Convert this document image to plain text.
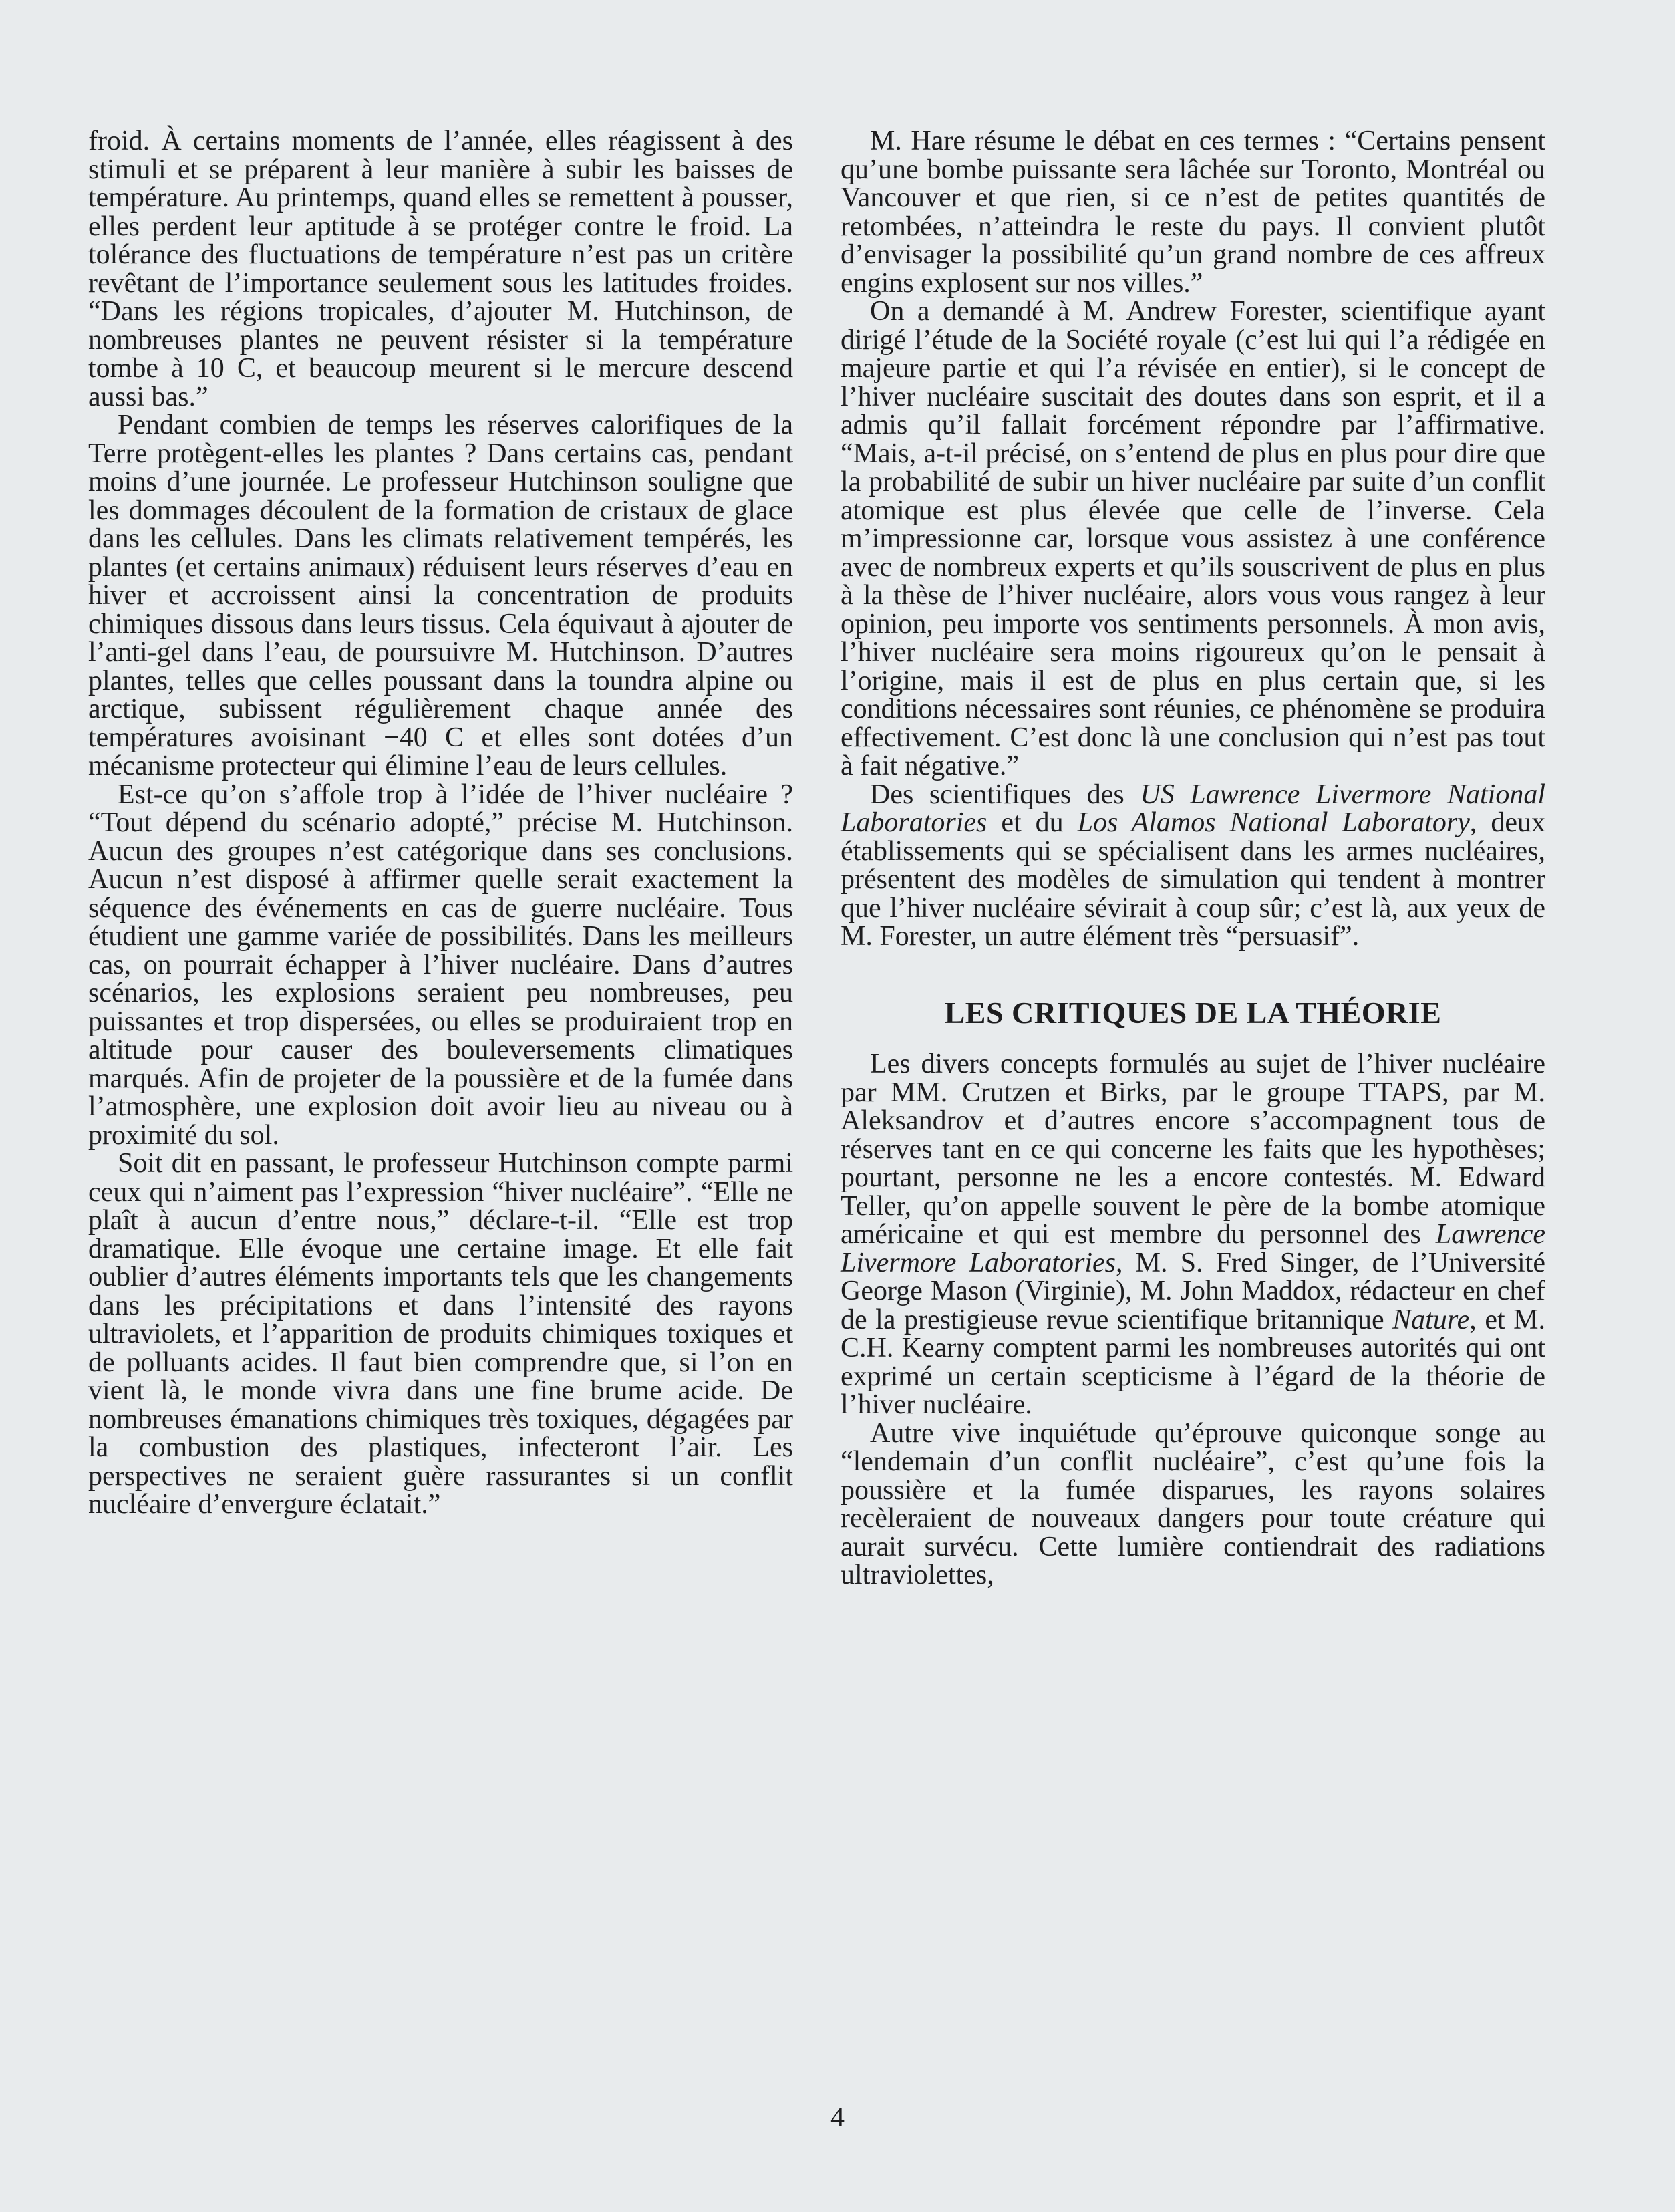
froid. À certains moments de l’année, elles réagissent à des stimuli et se préparent à leur manière à subir les baisses de température. Au printemps, quand elles se remettent à pousser, elles perdent leur aptitude à se protéger contre le froid. La tolérance des fluctuations de température n’est pas un critère revêtant de l’importance seulement sous les latitudes froides. “Dans les régions tropicales, d’ajouter M. Hutchinson, de nombreuses plantes ne peuvent résister si la température tombe à 10 C, et beaucoup meurent si le mercure descend aussi bas.”

Pendant combien de temps les réserves calorifiques de la Terre protègent-elles les plantes ? Dans certains cas, pendant moins d’une journée. Le professeur Hutchinson souligne que les dommages découlent de la formation de cristaux de glace dans les cellules. Dans les climats relativement tempérés, les plantes (et certains animaux) réduisent leurs réserves d’eau en hiver et accroissent ainsi la concentration de produits chimiques dissous dans leurs tissus. Cela équivaut à ajouter de l’anti-gel dans l’eau, de poursuivre M. Hutchinson. D’autres plantes, telles que celles poussant dans la toundra alpine ou arctique, subissent régulièrement chaque année des températures avoisinant −40 C et elles sont dotées d’un mécanisme protecteur qui élimine l’eau de leurs cellules.

Est-ce qu’on s’affole trop à l’idée de l’hiver nucléaire ? “Tout dépend du scénario adopté,” précise M. Hutchinson. Aucun des groupes n’est catégorique dans ses conclusions. Aucun n’est disposé à affirmer quelle serait exactement la séquence des événements en cas de guerre nucléaire. Tous étudient une gamme variée de possibilités. Dans les meilleurs cas, on pourrait échapper à l’hiver nucléaire. Dans d’autres scénarios, les explosions seraient peu nombreuses, peu puissantes et trop dispersées, ou elles se produiraient trop en altitude pour causer des bouleversements climatiques marqués. Afin de projeter de la poussière et de la fumée dans l’atmosphère, une explosion doit avoir lieu au niveau ou à proximité du sol.

Soit dit en passant, le professeur Hutchinson compte parmi ceux qui n’aiment pas l’expression “hiver nucléaire”. “Elle ne plaît à aucun d’entre nous,” déclare-t-il. “Elle est trop dramatique. Elle évoque une certaine image. Et elle fait oublier d’autres éléments importants tels que les changements dans les précipitations et dans l’intensité des rayons ultraviolets, et l’apparition de produits chimiques toxiques et de polluants acides. Il faut bien comprendre que, si l’on en vient là, le monde vivra dans une fine brume acide. De nombreuses émanations chimiques très toxiques, dégagées par la combustion des plastiques, infecteront l’air. Les perspectives ne seraient guère rassurantes si un conflit nucléaire d’envergure éclatait.”

M. Hare résume le débat en ces termes : “Certains pensent qu’une bombe puissante sera lâchée sur Toronto, Montréal ou Vancouver et que rien, si ce n’est de petites quantités de retombées, n’atteindra le reste du pays. Il convient plutôt d’envisager la possibilité qu’un grand nombre de ces affreux engins explosent sur nos villes.”

On a demandé à M. Andrew Forester, scientifique ayant dirigé l’étude de la Société royale (c’est lui qui l’a rédigée en majeure partie et qui l’a révisée en entier), si le concept de l’hiver nucléaire suscitait des doutes dans son esprit, et il a admis qu’il fallait forcément répondre par l’affirmative. “Mais, a-t-il précisé, on s’entend de plus en plus pour dire que la probabilité de subir un hiver nucléaire par suite d’un conflit atomique est plus élevée que celle de l’inverse. Cela m’impressionne car, lorsque vous assistez à une conférence avec de nombreux experts et qu’ils souscrivent de plus en plus à la thèse de l’hiver nucléaire, alors vous vous rangez à leur opinion, peu importe vos sentiments personnels. À mon avis, l’hiver nucléaire sera moins rigoureux qu’on le pensait à l’origine, mais il est de plus en plus certain que, si les conditions nécessaires sont réunies, ce phénomène se produira effectivement. C’est donc là une conclusion qui n’est pas tout à fait négative.”

Des scientifiques des US Lawrence Livermore National Laboratories et du Los Alamos National Laboratory, deux établissements qui se spécialisent dans les armes nucléaires, présentent des modèles de simulation qui tendent à montrer que l’hiver nucléaire sévirait à coup sûr; c’est là, aux yeux de M. Forester, un autre élément très “persuasif”.

LES CRITIQUES DE LA THÉORIE

Les divers concepts formulés au sujet de l’hiver nucléaire par MM. Crutzen et Birks, par le groupe TTAPS, par M. Aleksandrov et d’autres encore s’accompagnent tous de réserves tant en ce qui concerne les faits que les hypothèses; pourtant, personne ne les a encore contestés. M. Edward Teller, qu’on appelle souvent le père de la bombe atomique américaine et qui est membre du personnel des Lawrence Livermore Laboratories, M. S. Fred Singer, de l’Université George Mason (Virginie), M. John Maddox, rédacteur en chef de la prestigieuse revue scientifique britannique Nature, et M. C.H. Kearny comptent parmi les nombreuses autorités qui ont exprimé un certain scepticisme à l’égard de la théorie de l’hiver nucléaire.

Autre vive inquiétude qu’éprouve quiconque songe au “lendemain d’un conflit nucléaire”, c’est qu’une fois la poussière et la fumée disparues, les rayons solaires recèleraient de nouveaux dangers pour toute créature qui aurait survécu. Cette lumière contiendrait des radiations ultraviolettes,

4
